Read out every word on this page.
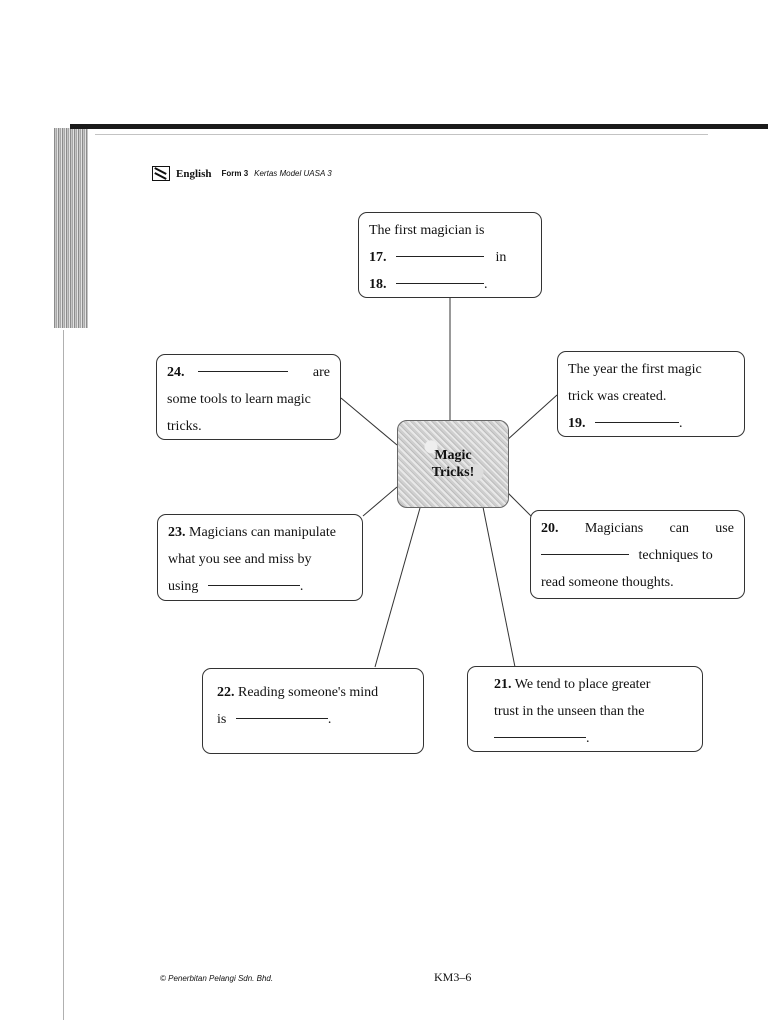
English Form 3 Kertas Model UASA 3
The first magician is
17.	in
18.	.
The year the first magic
trick was created.
19.	.
24.	are
some tools to learn magic
tricks.
Magic
Tricks!
23. Magicians can manipulate
what you see and miss by
using	.
20. Magicians can use
techniques to
read someone thoughts.
22. Reading someone's mind
is	.
21. We tend to place greater
trust in the unseen than the
.
© Penerbitan Pelangi Sdn. Bhd.	KM3–6
